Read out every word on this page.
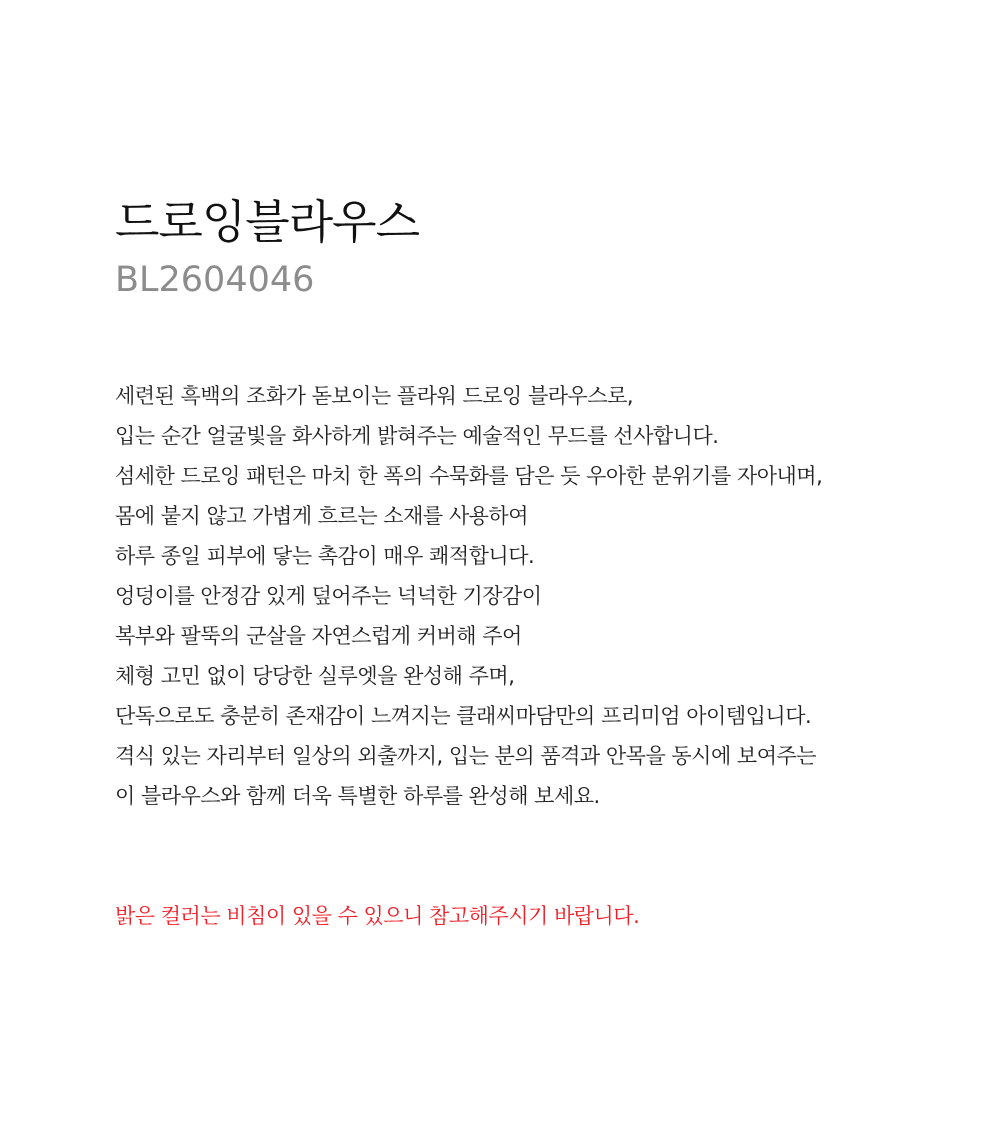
드로잉블라우스
BL2604046
세련된 흑백의 조화가 돋보이는 플라워 드로잉 블라우스로,
입는 순간 얼굴빛을 화사하게 밝혀주는 예술적인 무드를 선사합니다.
섬세한 드로잉 패턴은 마치 한 폭의 수묵화를 담은 듯 우아한 분위기를 자아내며,
몸에 붙지 않고 가볍게 흐르는 소재를 사용하여
하루 종일 피부에 닿는 촉감이 매우 쾌적합니다.
엉덩이를 안정감 있게 덮어주는 넉넉한 기장감이
복부와 팔뚝의 군살을 자연스럽게 커버해 주어
체형 고민 없이 당당한 실루엣을 완성해 주며,
단독으로도 충분히 존재감이 느껴지는 클래씨마담만의 프리미엄 아이템입니다.
격식 있는 자리부터 일상의 외출까지, 입는 분의 품격과 안목을 동시에 보여주는
이 블라우스와 함께 더욱 특별한 하루를 완성해 보세요.
밝은 컬러는 비침이 있을 수 있으니 참고해주시기 바랍니다.
